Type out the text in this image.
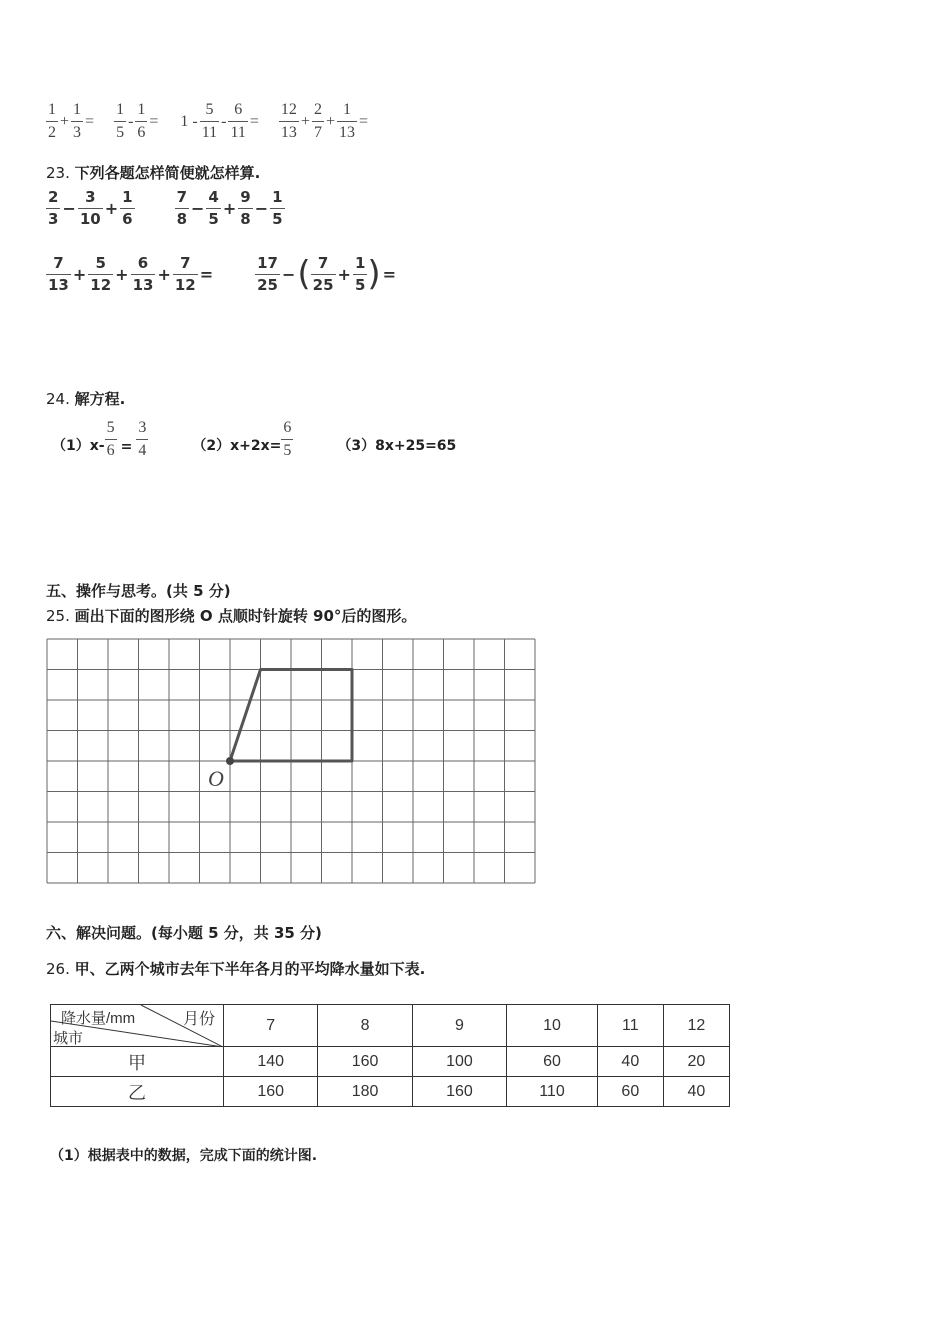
$\frac{1}{2} + \frac{1}{3} = \frac{1}{5} - \frac{1}{6} = 1 - \frac{5}{11} - \frac{6}{11} = \frac{12}{13} + \frac{2}{7} + \frac{1}{13}$ =
23. 下列各题怎样简便就怎样算.
$\frac{2}{3} - \frac{3}{10} + \frac{1}{6}$	$\frac{7}{8} - \frac{4}{5} + \frac{9}{8} - \frac{1}{5}$
$\frac{7}{13} + \frac{5}{12} + \frac{6}{13} + \frac{7}{12}$ =	$\frac{17}{25}$ − ( $\frac{7}{25} + \frac{1}{5}$ ) =
24. 解方程.
$(1)x- \frac{5}{6} = \frac{3}{4}$	$(2)x+2x= \frac{6}{5}$	（3）8x+25=65
五、操作与思考。(共 5 分)
25. 画出下面的图形绕 O 点顺时针旋转 90°后的图形。
O
六、解决问题。(每小题 5 分，共 35 分)
26. 甲、乙两个城市去年下半年各月的平均降水量如下表.
降水量/mm 月份
城市	7	8	9	10	11	12
甲	140	160	100	60	40	20
乙	160	180	160	110	60	40
（1）根据表中的数据，完成下面的统计图.
